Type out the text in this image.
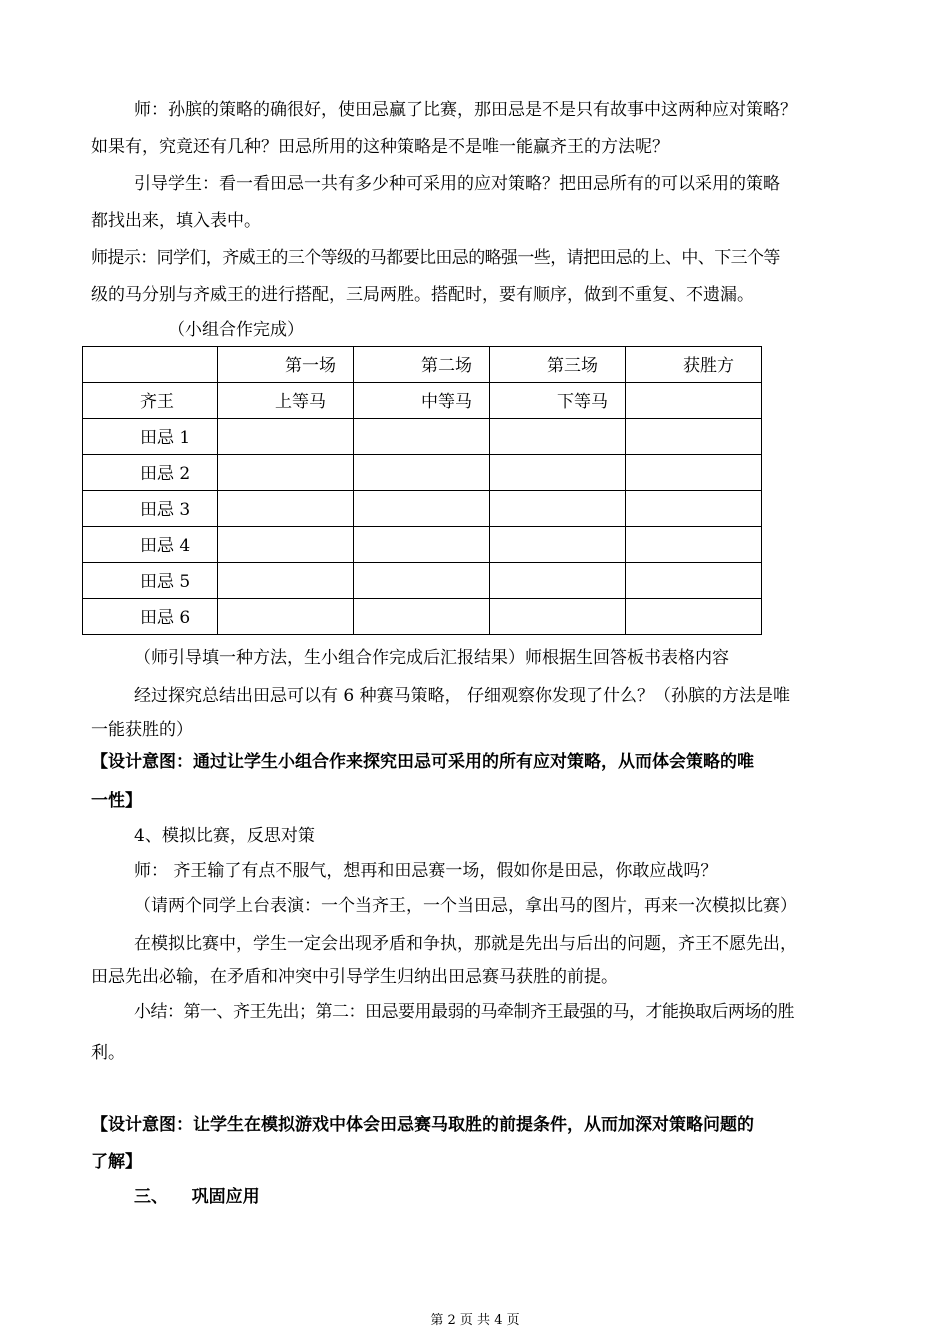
师：孙膑的策略的确很好，使田忌赢了比赛，那田忌是不是只有故事中这两种应对策略？
如果有，究竟还有几种？田忌所用的这种策略是不是唯一能赢齐王的方法呢？
引导学生：看一看田忌一共有多少种可采用的应对策略？把田忌所有的可以采用的策略
都找出来，填入表中。
师提示：同学们，齐威王的三个等级的马都要比田忌的略强一些，请把田忌的上、中、下三个等
级的马分别与齐威王的进行搭配，三局两胜。搭配时，要有顺序，做到不重复、不遗漏。
（小组合作完成）

	第一场	第二场	第三场	获胜方

齐王	上等马	中等马	下等马	

田忌 1				

田忌 2				

田忌 3				

田忌 4				

田忌 5				

田忌 6				

（师引导填一种方法，生小组合作完成后汇报结果）师根据生回答板书表格内容
经过探究总结出田忌可以有 6 种赛马策略， 仔细观察你发现了什么？（孙膑的方法是唯
一能获胜的）
【设计意图：通过让学生小组合作来探究田忌可采用的所有应对策略，从而体会策略的唯
一性】
4、模拟比赛，反思对策
师： 齐王输了有点不服气，想再和田忌赛一场，假如你是田忌，你敢应战吗？
（请两个同学上台表演：一个当齐王，一个当田忌，拿出马的图片，再来一次模拟比赛）
在模拟比赛中，学生一定会出现矛盾和争执，那就是先出与后出的问题，齐王不愿先出，
田忌先出必输，在矛盾和冲突中引导学生归纳出田忌赛马获胜的前提。
小结：第一、齐王先出；第二：田忌要用最弱的马牵制齐王最强的马，才能换取后两场的胜
利。
【设计意图：让学生在模拟游戏中体会田忌赛马取胜的前提条件，从而加深对策略问题的
了解】
三、    巩固应用
第 2 页 共 4 页
